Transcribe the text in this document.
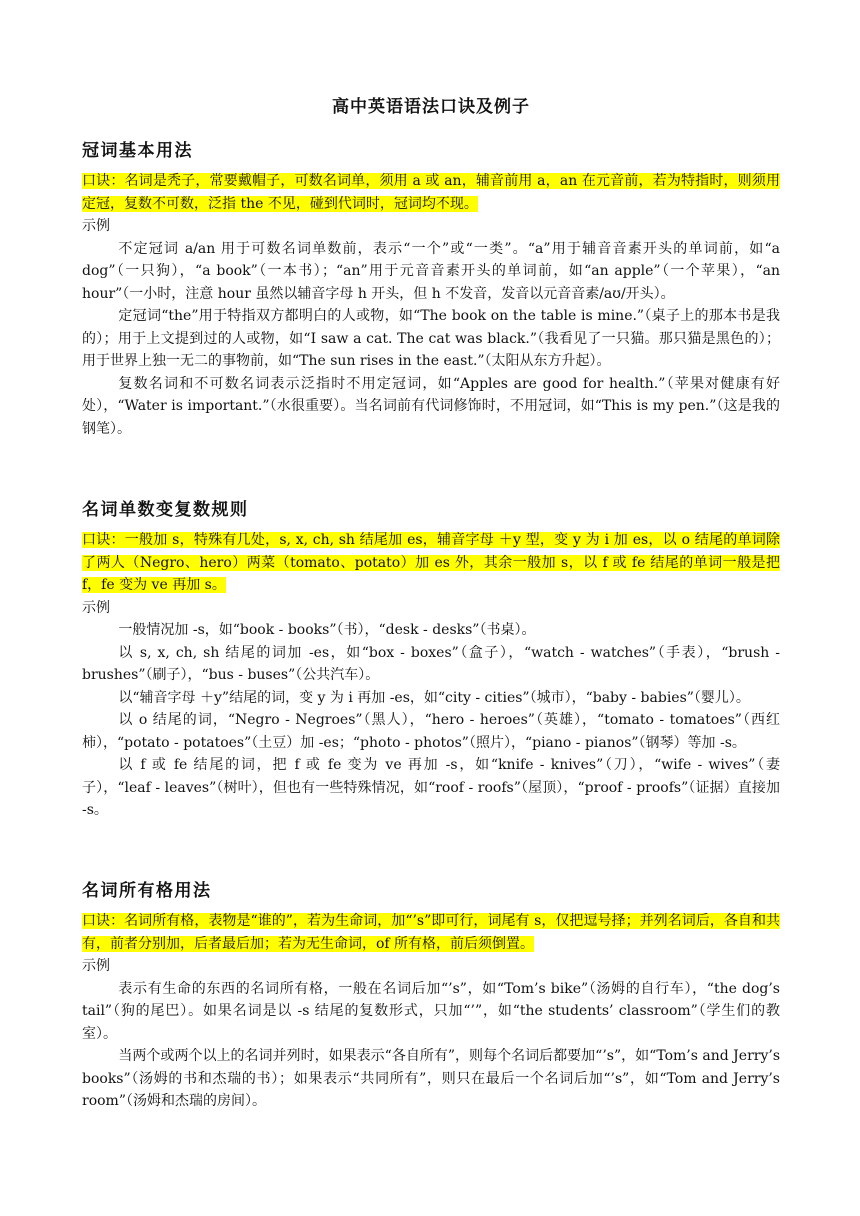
高中英语语法口诀及例子
冠词基本用法

口诀：名词是秃子，常要戴帽子，可数名词单，须用 a 或 an，辅音前用 a，an 在元音前，若为特指时，则须用定冠，复数不可数，泛指 the 不见，碰到代词时，冠词均不现。

示例

不定冠词 a/an 用于可数名词单数前，表示“一个”或“一类”。“a”用于辅音音素开头的单词前，如“a dog”（一只狗），“a book”（一本书）；“an”用于元音音素开头的单词前，如“an apple”（一个苹果），“an hour”（一小时，注意 hour 虽然以辅音字母 h 开头，但 h 不发音，发音以元音音素/aʊ/开头）。

定冠词“the”用于特指双方都明白的人或物，如“The book on the table is mine.”（桌子上的那本书是我的）；用于上文提到过的人或物，如“I saw a cat. The cat was black.”（我看见了一只猫。那只猫是黑色的）；用于世界上独一无二的事物前，如“The sun rises in the east.”（太阳从东方升起）。

复数名词和不可数名词表示泛指时不用定冠词，如“Apples are good for health.”（苹果对健康有好处），“Water is important.”（水很重要）。当名词前有代词修饰时，不用冠词，如“This is my pen.”（这是我的钢笔）。

名词单数变复数规则

口诀：一般加 s，特殊有几处，s, x, ch, sh 结尾加 es，辅音字母 ＋y 型，变 y 为 i 加 es，以 o 结尾的单词除了两人（Negro、hero）两菜（tomato、potato）加 es 外，其余一般加 s，以 f 或 fe 结尾的单词一般是把 f，fe 变为 ve 再加 s。

示例

一般情况加 -s，如“book - books”（书），“desk - desks”（书桌）。

以 s, x, ch, sh 结尾的词加 -es，如“box - boxes”（盒子），“watch - watches”（手表），“brush - brushes”（刷子），“bus - buses”（公共汽车）。

以“辅音字母 ＋y”结尾的词，变 y 为 i 再加 -es，如“city - cities”（城市），“baby - babies”（婴儿）。

以 o 结尾的词，“Negro - Negroes”（黑人），“hero - heroes”（英雄），“tomato - tomatoes”（西红柿），“potato - potatoes”（土豆）加 -es；“photo - photos”（照片），“piano - pianos”（钢琴）等加 -s。

以 f 或 fe 结尾的词，把 f 或 fe 变为 ve 再加 -s，如“knife - knives”（刀），“wife - wives”（妻子），“leaf - leaves”（树叶），但也有一些特殊情况，如“roof - roofs”（屋顶），“proof - proofs”（证据）直接加 -s。

名词所有格用法

口诀：名词所有格，表物是“谁的”，若为生命词，加“’s”即可行，词尾有 s，仅把逗号择；并列名词后，各自和共有，前者分别加，后者最后加；若为无生命词，of 所有格，前后须倒置。

示例

表示有生命的东西的名词所有格，一般在名词后加“’s”，如“Tom’s bike”（汤姆的自行车），“the dog’s tail”（狗的尾巴）。如果名词是以 -s 结尾的复数形式，只加“’”，如“the students’ classroom”（学生们的教室）。

当两个或两个以上的名词并列时，如果表示“各自所有”，则每个名词后都要加“’s”，如“Tom’s and Jerry’s books”（汤姆的书和杰瑞的书）；如果表示“共同所有”，则只在最后一个名词后加“’s”，如“Tom and Jerry’s room”（汤姆和杰瑞的房间）。
